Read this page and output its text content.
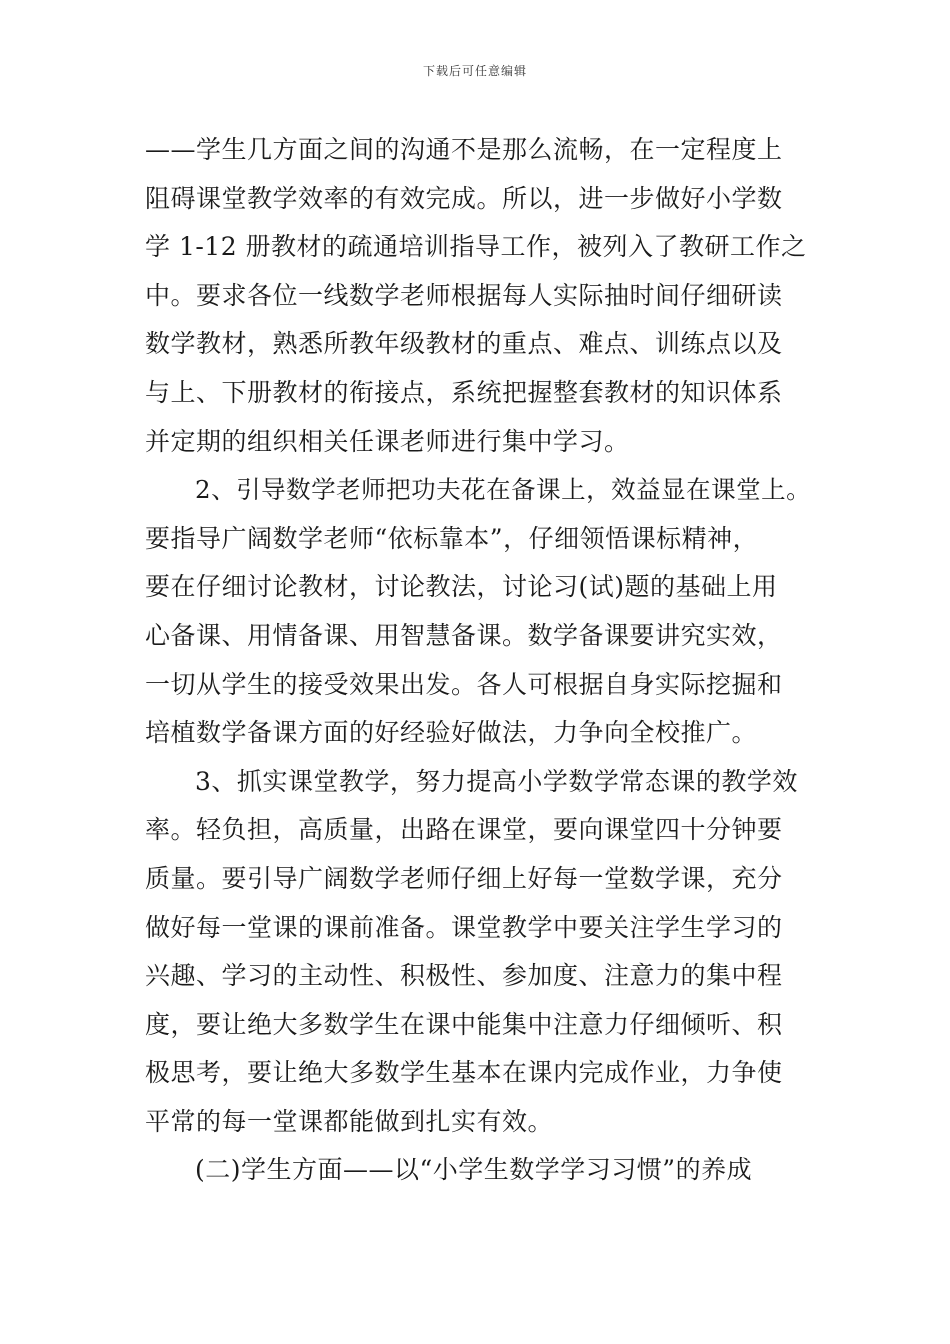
下载后可任意编辑
——学生几方面之间的沟通不是那么流畅，在一定程度上
阻碍课堂教学效率的有效完成。所以，进一步做好小学数
学 1-12 册教材的疏通培训指导工作，被列入了教研工作之
中。要求各位一线数学老师根据每人实际抽时间仔细研读
数学教材，熟悉所教年级教材的重点、难点、训练点以及
与上、下册教材的衔接点，系统把握整套教材的知识体系
并定期的组织相关任课老师进行集中学习。
2、引导数学老师把功夫花在备课上，效益显在课堂上。
要指导广阔数学老师“依标靠本”，仔细领悟课标精神，
要在仔细讨论教材，讨论教法，讨论习(试)题的基础上用
心备课、用情备课、用智慧备课。数学备课要讲究实效，
一切从学生的接受效果出发。各人可根据自身实际挖掘和
培植数学备课方面的好经验好做法，力争向全校推广。
3、抓实课堂教学，努力提高小学数学常态课的教学效
率。轻负担，高质量，出路在课堂，要向课堂四十分钟要
质量。要引导广阔数学老师仔细上好每一堂数学课，充分
做好每一堂课的课前准备。课堂教学中要关注学生学习的
兴趣、学习的主动性、积极性、参加度、注意力的集中程
度，要让绝大多数学生在课中能集中注意力仔细倾听、积
极思考，要让绝大多数学生基本在课内完成作业，力争使
平常的每一堂课都能做到扎实有效。
(二)学生方面——以“小学生数学学习习惯”的养成
